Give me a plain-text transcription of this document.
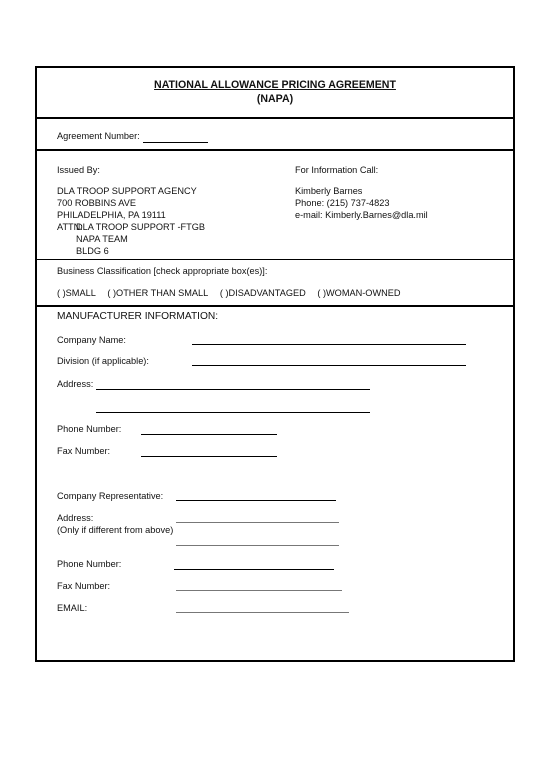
NATIONAL ALLOWANCE PRICING AGREEMENT
(NAPA)
Agreement Number:
Issued By:
DLA TROOP SUPPORT AGENCY
700 ROBBINS AVE
PHILADELPHIA, PA 19111
ATTN:
DLA TROOP SUPPORT -FTGB
NAPA TEAM
BLDG 6
For Information Call:
Kimberly Barnes
Phone: (215) 737-4823
e-mail: Kimberly.Barnes@dla.mil
Business Classification [check appropriate box(es)]:
( )SMALL ( )OTHER THAN SMALL ( )DISADVANTAGED ( )WOMAN-OWNED
MANUFACTURER INFORMATION:
Company Name:
Division (if applicable):
Address:
Phone Number:
Fax Number:
Company Representative:
Address:
(Only if different from above)
Phone Number:
Fax Number:
EMAIL:
